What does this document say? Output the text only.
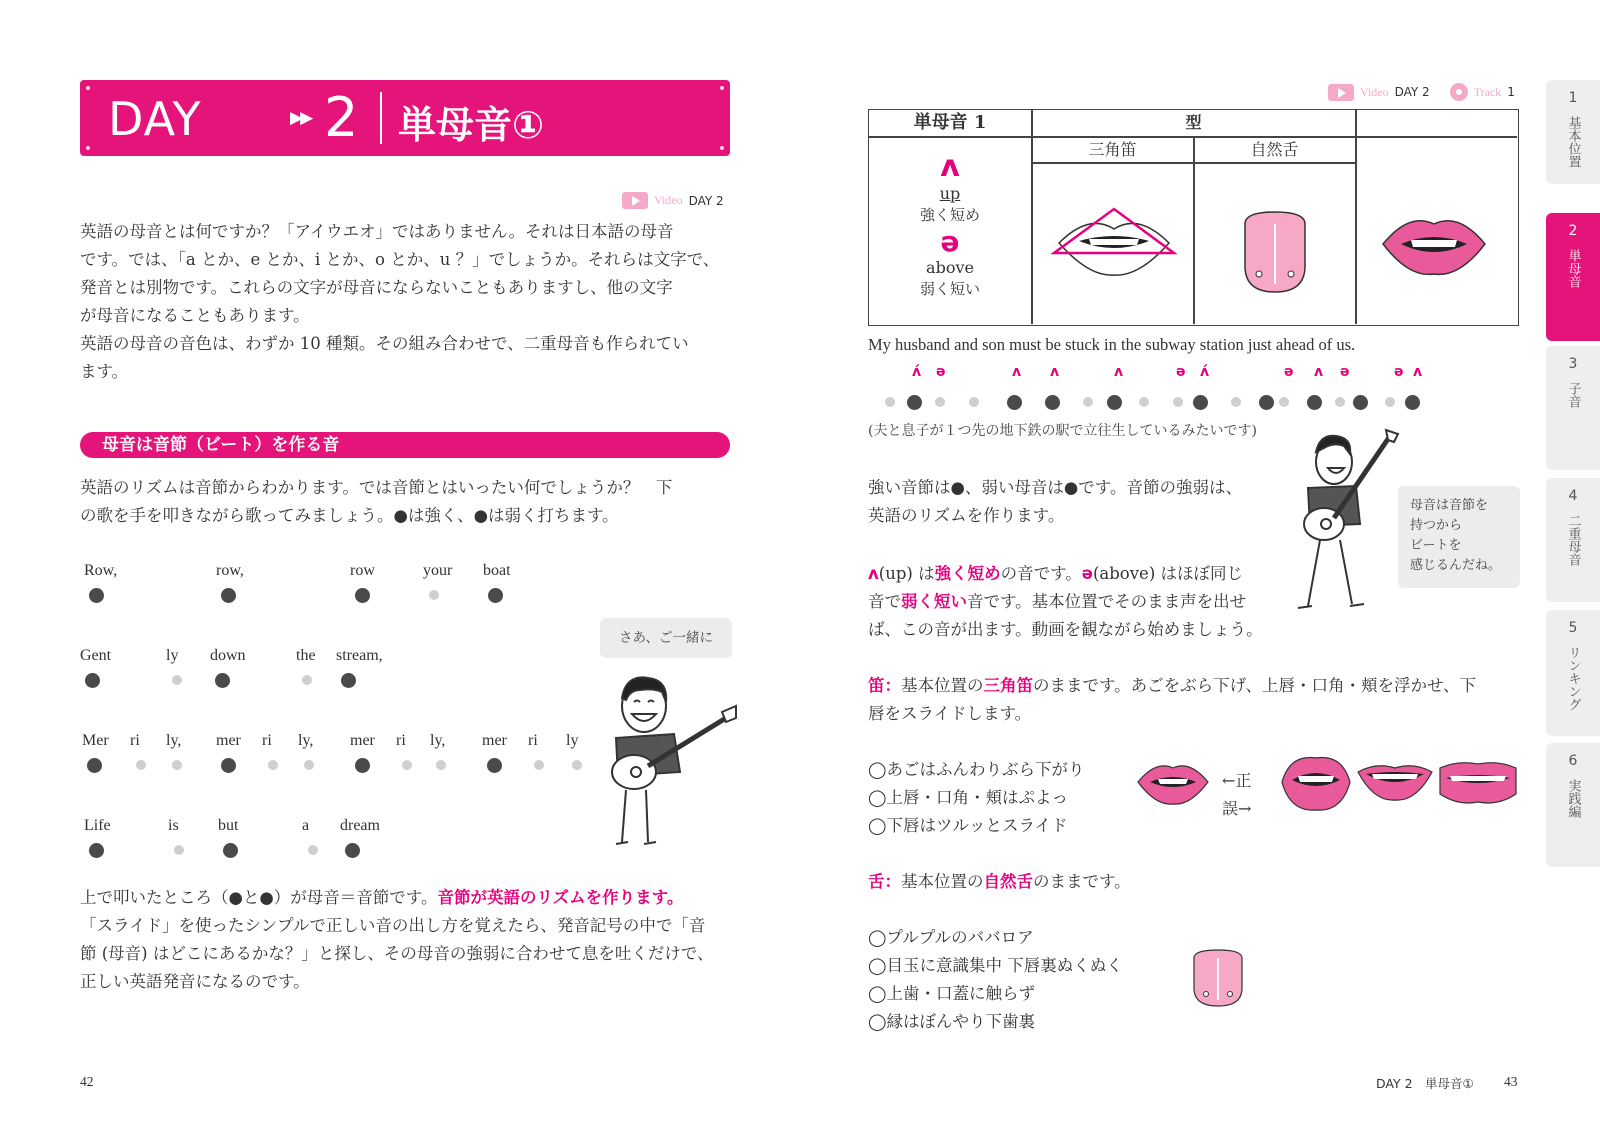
DAY	▶▶ 2 単母音①
Video DAY 2
英語の母音とは何ですか？「アイウエオ」ではありません。それは日本語の母音
です。では、「a とか、e とか、i とか、o とか、u ？」でしょうか。それらは文字で、
発音とは別物です。これらの文字が母音にならないこともありますし、他の文字
が母音になることもあります。
英語の母音の音色は、わずか 10 種類。その組み合わせで、二重母音も作られてい
ます。
母音は音節（ビート）を作る音
英語のリズムは音節からわかります。では音節とはいったい何でしょうか？　下
の歌を手を叩きながら歌ってみましょう。●は強く、●は弱く打ちます。
Row,	row,	row	your boat
Gent	ly down	the stream,
Mer ri ly, mer ri ly, mer ri ly, mer ri ly
Life	is but	a dream
さあ、ご一緒に
上で叩いたところ（●と●）が母音＝音節です。音節が英語のリズムを作ります。
「スライド」を使ったシンプルで正しい音の出し方を覚えたら、発音記号の中で「音
節 (母音) はどこにあるかな？」と探し、その母音の強弱に合わせて息を吐くだけで、
正しい英語発音になるのです。
42
Video DAY 2	Track 1
単母音 1	型
三角笛	自然舌
ʌ
up
強く短め
ə
above
弱く短い
My husband and son must be stuck in the subway station just ahead of us.
ʌ́ ə	ʌ ʌ	ʌ	ə ʌ́	ə ʌ ə	ə ʌ
(夫と息子が１つ先の地下鉄の駅で立往生しているみたいです)
強い音節は●、弱い母音は●です。音節の強弱は、
英語のリズムを作ります。
母音は音節を
持つから
ビートを
感じるんだね。
ʌ(up) は強く短めの音です。ə(above) はほぼ同じ
音で弱く短い音です。基本位置でそのまま声を出せ
ば、この音が出ます。動画を観ながら始めましょう。
笛：基本位置の三角笛のままです。あごをぶら下げ、上唇・口角・頬を浮かせ、下
唇をスライドします。
◯あごはふんわりぶら下がり
◯上唇・口角・頬はぷよっ
◯下唇はツルッとスライド
←正
誤→
舌：基本位置の自然舌のままです。
◯プルプルのババロア
◯目玉に意識集中 下唇裏ぬくぬく
◯上歯・口蓋に触らず
◯縁はぼんやり下歯裏
DAY 2　単母音① 43
1
基本位置
2
単母音
3
子音
4
二重母音
5
リンキング
6
実践編
